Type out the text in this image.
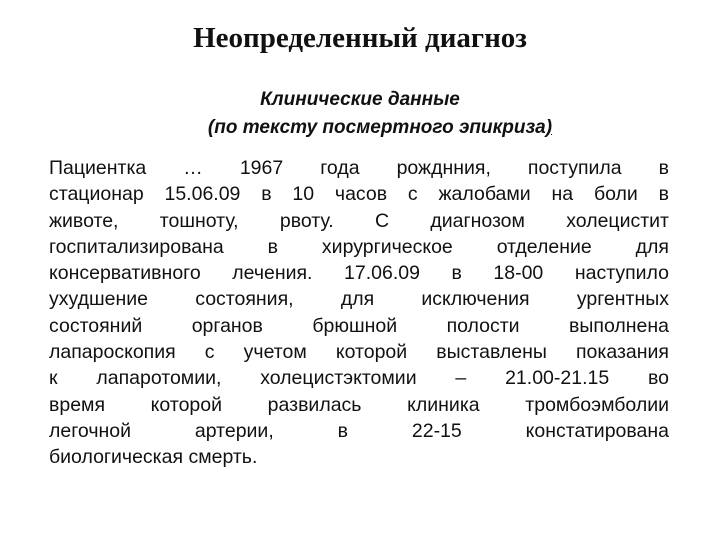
Неопределенный диагноз
Клинические данные
(по тексту посмертного эпикриза)
Пациентка … 1967 года рожднния, поступила в
стационар 15.06.09 в 10 часов с жалобами на боли в
животе, тошноту, рвоту. С диагнозом холецистит
госпитализирована в хирургическое отделение для
консервативного лечения. 17.06.09 в 18-00 наступило
ухудшение состояния, для исключения ургентных
состояний органов брюшной полости выполнена
лапароскопия с учетом которой выставлены показания
к лапаротомии, холецистэктомии – 21.00-21.15 во
время которой развилась клиника тромбоэмболии
легочной артерии, в 22-15 констатирована
биологическая смерть.
